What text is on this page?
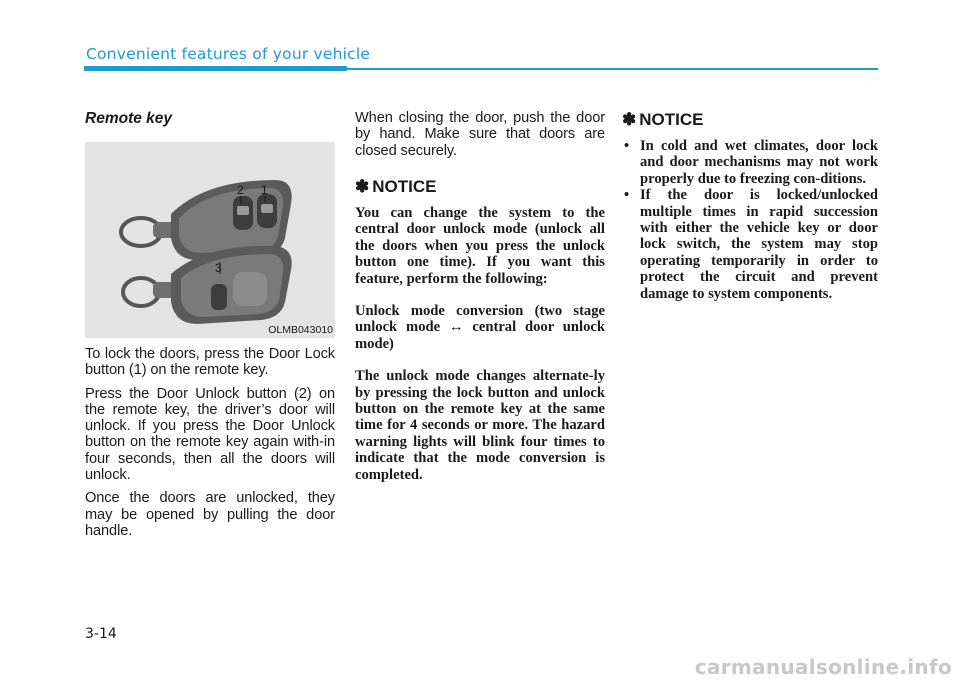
Convenient features of your vehicle
Remote key
2 1
3
OLMB043010

To lock the doors, press the Door Lock button (1) on the remote key.

Press the Door Unlock button (2) on the remote key, the driver’s door will unlock. If you press the Door Unlock button on the remote key again with-in four seconds, then all the doors will unlock.

Once the doors are unlocked, they may be opened by pulling the door handle.

When closing the door, push the door by hand. Make sure that doors are closed securely.

✽ NOTICE

You can change the system to the central door unlock mode (unlock all the doors when you press the unlock button one time). If you want this feature, perform the following:

Unlock mode conversion (two stage unlock mode ↔ central door unlock mode)

The unlock mode changes alternate-ly by pressing the lock button and unlock button on the remote key at the same time for 4 seconds or more. The hazard warning lights will blink four times to indicate that the mode conversion is completed.

✽ NOTICE
• In cold and wet climates, door lock and door mechanisms may not work properly due to freezing con-ditions.
• If the door is locked/unlocked multiple times in rapid succession with either the vehicle key or door lock switch, the system may stop operating temporarily in order to protect the circuit and prevent damage to system components.
3-14
carmanualsonline.info
